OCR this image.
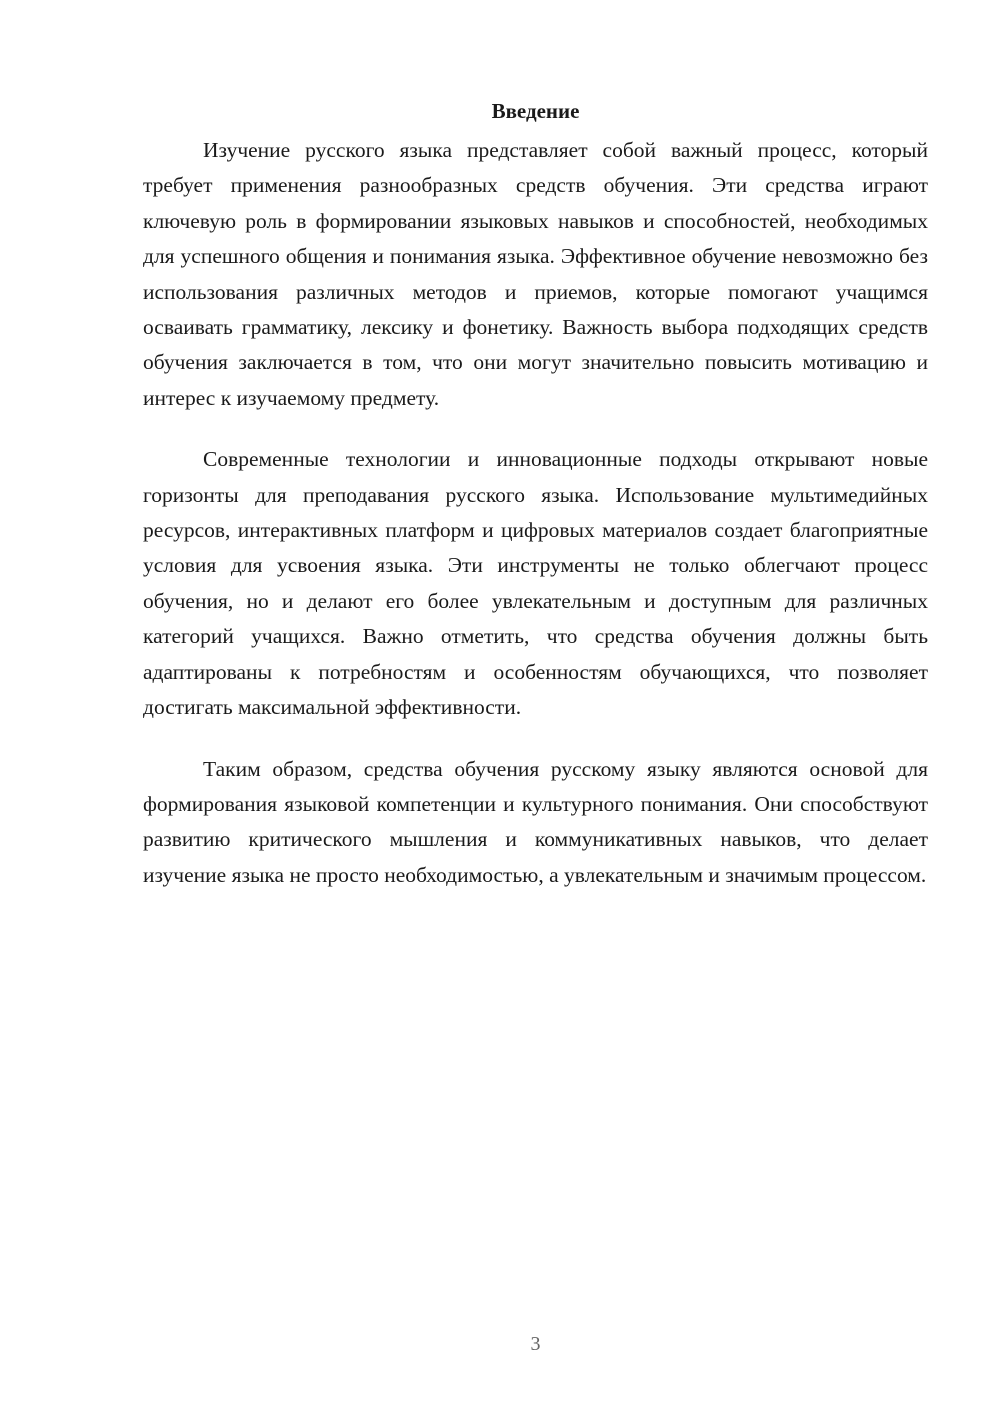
Введение

Изучение русского языка представляет собой важный процесс, который требует применения разнообразных средств обучения. Эти средства играют ключевую роль в формировании языковых навыков и способностей, необходимых для успешного общения и понимания языка. Эффективное обучение невозможно без использования различных методов и приемов, которые помогают учащимся осваивать грамматику, лексику и фонетику. Важность выбора подходящих средств обучения заключается в том, что они могут значительно повысить мотивацию и интерес к изучаемому предмету.

Современные технологии и инновационные подходы открывают новые горизонты для преподавания русского языка. Использование мультимедийных ресурсов, интерактивных платформ и цифровых материалов создает благоприятные условия для усвоения языка. Эти инструменты не только облегчают процесс обучения, но и делают его более увлекательным и доступным для различных категорий учащихся. Важно отметить, что средства обучения должны быть адаптированы к потребностям и особенностям обучающихся, что позволяет достигать максимальной эффективности.

Таким образом, средства обучения русскому языку являются основой для формирования языковой компетенции и культурного понимания. Они способствуют развитию критического мышления и коммуникативных навыков, что делает изучение языка не просто необходимостью, а увлекательным и значимым процессом.

3
